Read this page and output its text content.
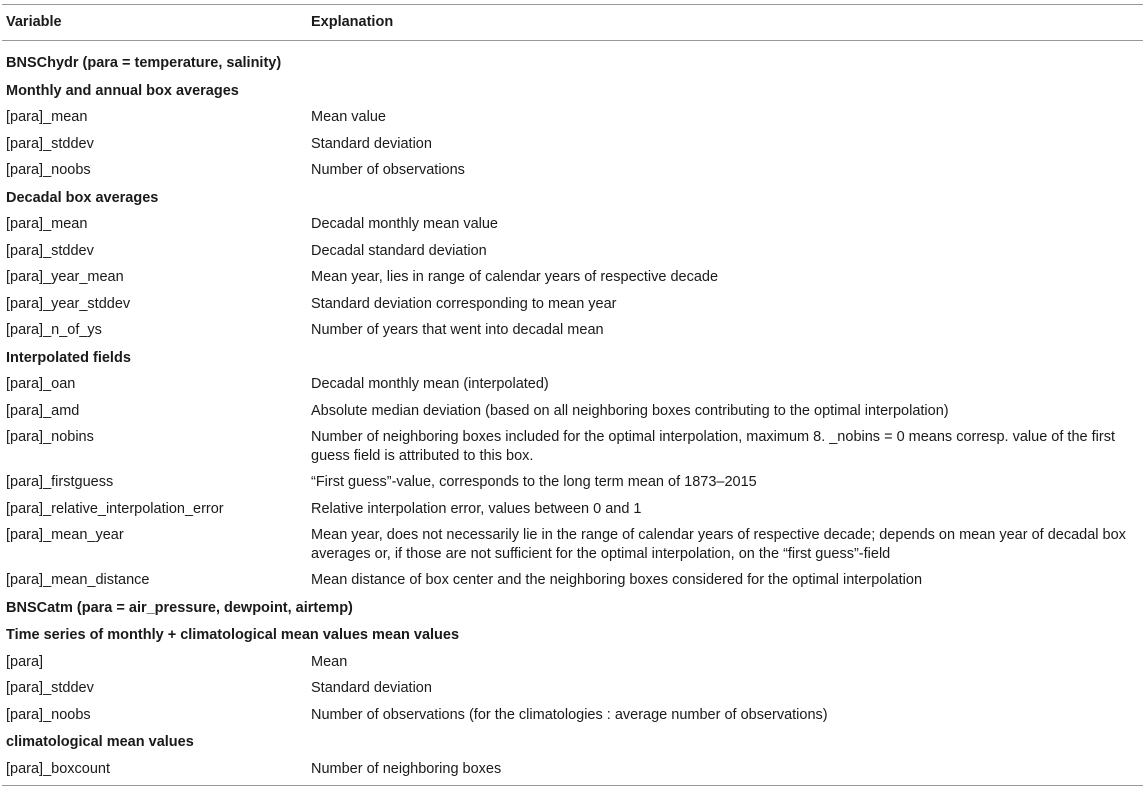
Variable	Explanation
BNSChydr (para = temperature, salinity)	
Monthly and annual box averages	
[para]_mean	Mean value
[para]_stddev	Standard deviation
[para]_noobs	Number of observations
Decadal box averages	
[para]_mean	Decadal monthly mean value
[para]_stddev	Decadal standard deviation
[para]_year_mean	Mean year, lies in range of calendar years of respective decade
[para]_year_stddev	Standard deviation corresponding to mean year
[para]_n_of_ys	Number of years that went into decadal mean
Interpolated fields	
[para]_oan	Decadal monthly mean (interpolated)
[para]_amd	Absolute median deviation (based on all neighboring boxes contributing to the optimal interpolation)
[para]_nobins	Number of neighboring boxes included for the optimal interpolation, maximum 8. _nobins = 0 means corresp. value of the first guess field is attributed to this box.
[para]_firstguess	“First guess”-value, corresponds to the long term mean of 1873–2015
[para]_relative_interpolation_error	Relative interpolation error, values between 0 and 1
[para]_mean_year	Mean year, does not necessarily lie in the range of calendar years of respective decade; depends on mean year of decadal box averages or, if those are not sufficient for the optimal interpolation, on the “first guess”-field
[para]_mean_distance	Mean distance of box center and the neighboring boxes considered for the optimal interpolation
BNSCatm (para = air_pressure, dewpoint, airtemp)	
Time series of monthly + climatological mean values mean values	
[para]	Mean
[para]_stddev	Standard deviation
[para]_noobs	Number of observations (for the climatologies : average number of observations)
climatological mean values	
[para]_boxcount	Number of neighboring boxes
